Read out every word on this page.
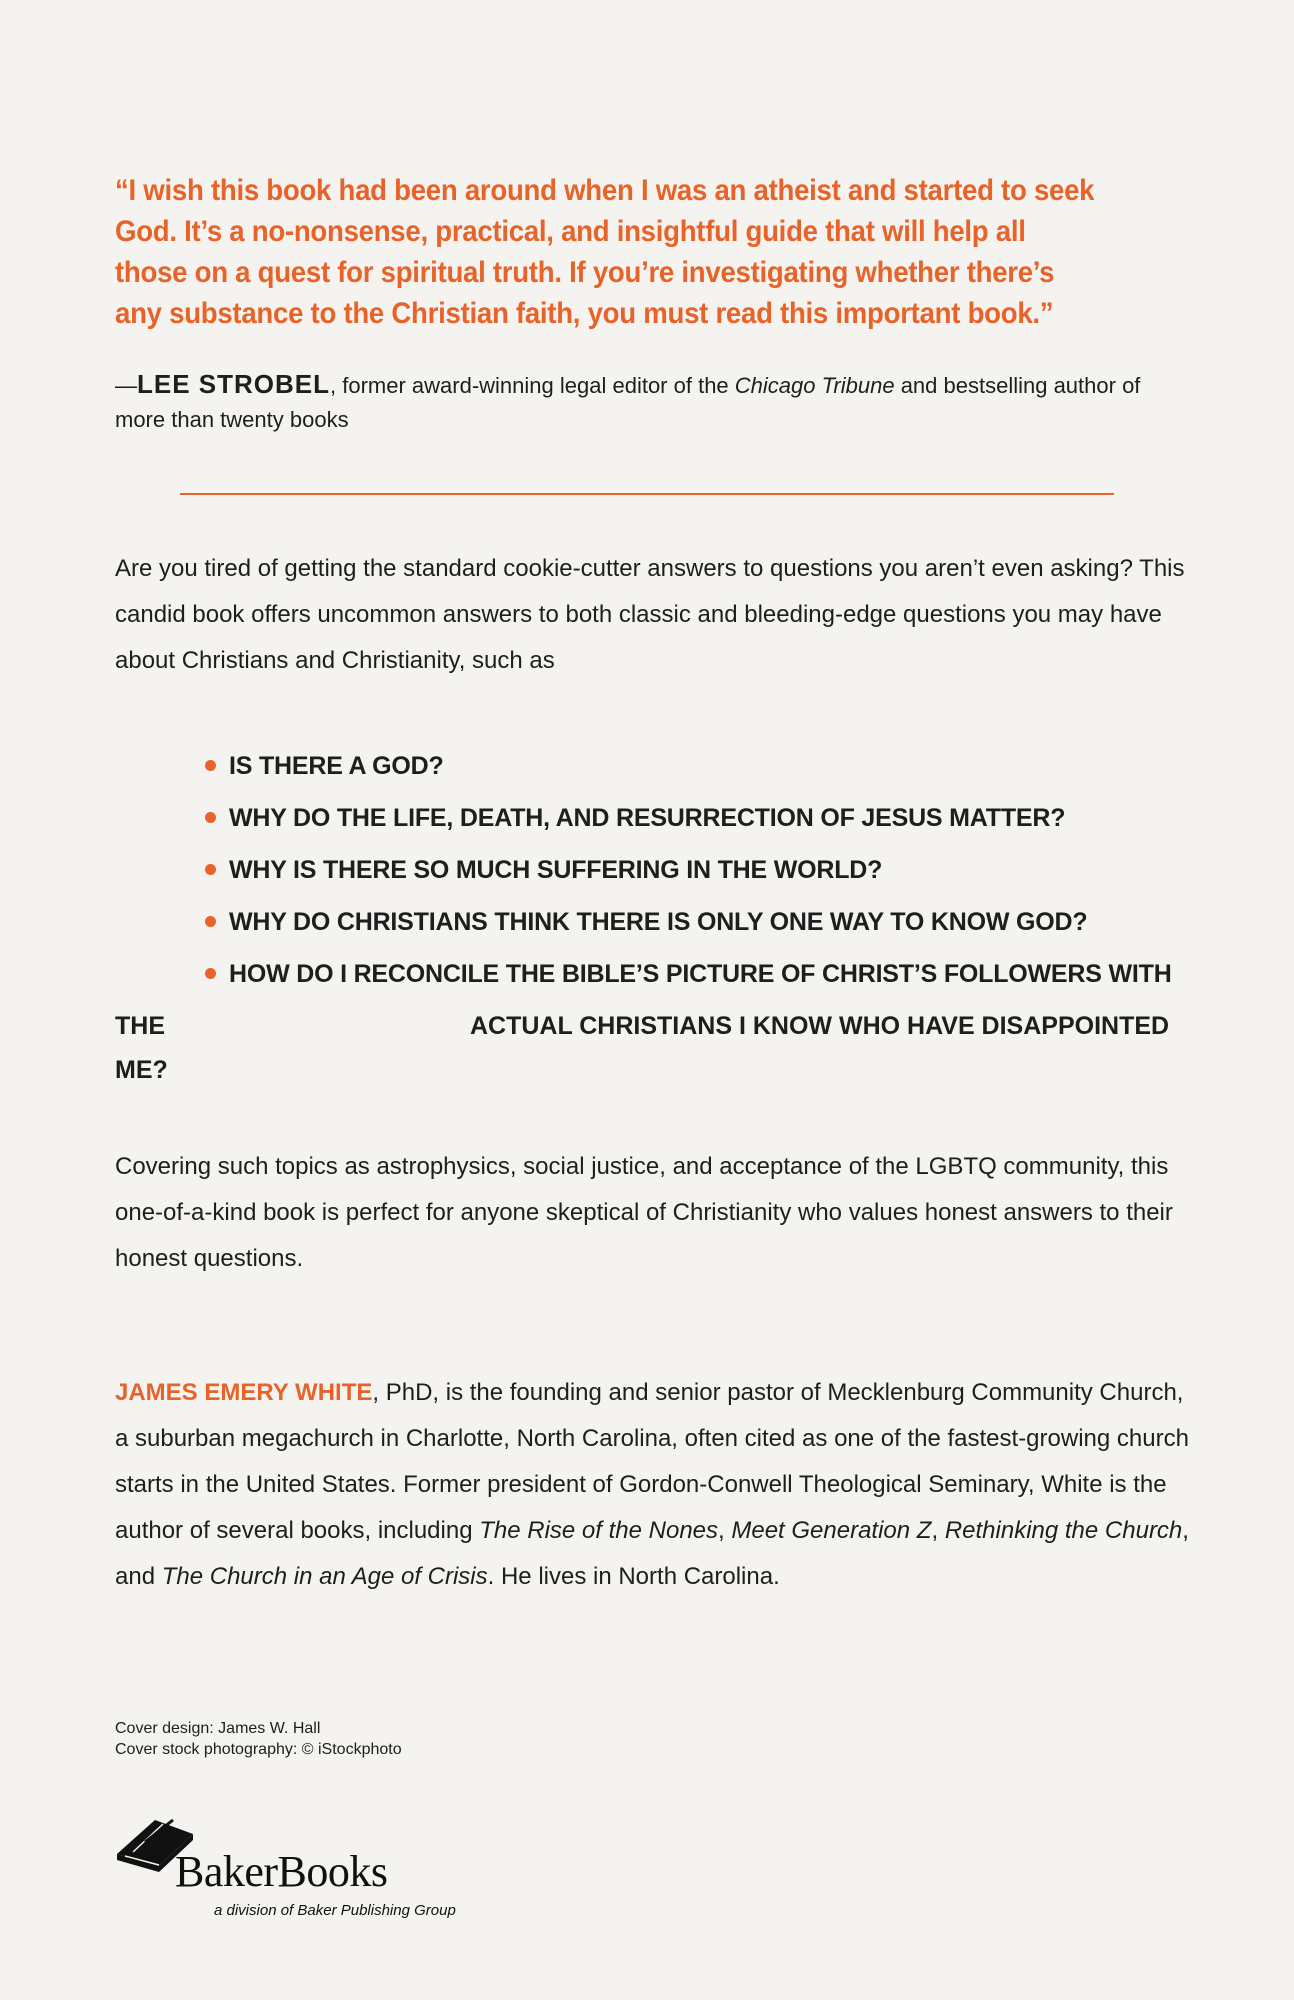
“I wish this book had been around when I was an atheist and started to seek God. It’s a no-nonsense, practical, and insightful guide that will help all those on a quest for spiritual truth. If you’re investigating whether there’s any substance to the Christian faith, you must read this important book.”
—LEE STROBEL, former award-winning legal editor of the Chicago Tribune and bestselling author of more than twenty books
Are you tired of getting the standard cookie-cutter answers to questions you aren’t even asking? This candid book offers uncommon answers to both classic and bleeding-edge questions you may have about Christians and Christianity, such as
IS THERE A GOD?
WHY DO THE LIFE, DEATH, AND RESURRECTION OF JESUS MATTER?
WHY IS THERE SO MUCH SUFFERING IN THE WORLD?
WHY DO CHRISTIANS THINK THERE IS ONLY ONE WAY TO KNOW GOD?
HOW DO I RECONCILE THE BIBLE’S PICTURE OF CHRIST’S FOLLOWERS WITH
THE	ACTUAL CHRISTIANS I KNOW WHO HAVE DISAPPOINTED
ME?
Covering such topics as astrophysics, social justice, and acceptance of the LGBTQ community, this one-of-a-kind book is perfect for anyone skeptical of Christianity who values honest answers to their honest questions.
JAMES EMERY WHITE, PhD, is the founding and senior pastor of Mecklenburg Community Church, a suburban megachurch in Charlotte, North Carolina, often cited as one of the fastest-growing church starts in the United States. Former president of Gordon-Conwell Theological Seminary, White is the author of several books, including The Rise of the Nones, Meet Generation Z, Rethinking the Church, and The Church in an Age of Crisis. He lives in North Carolina.
Cover design: James W. Hall
Cover stock photography: © iStockphoto
BakerBooks
a division of Baker Publishing Group
